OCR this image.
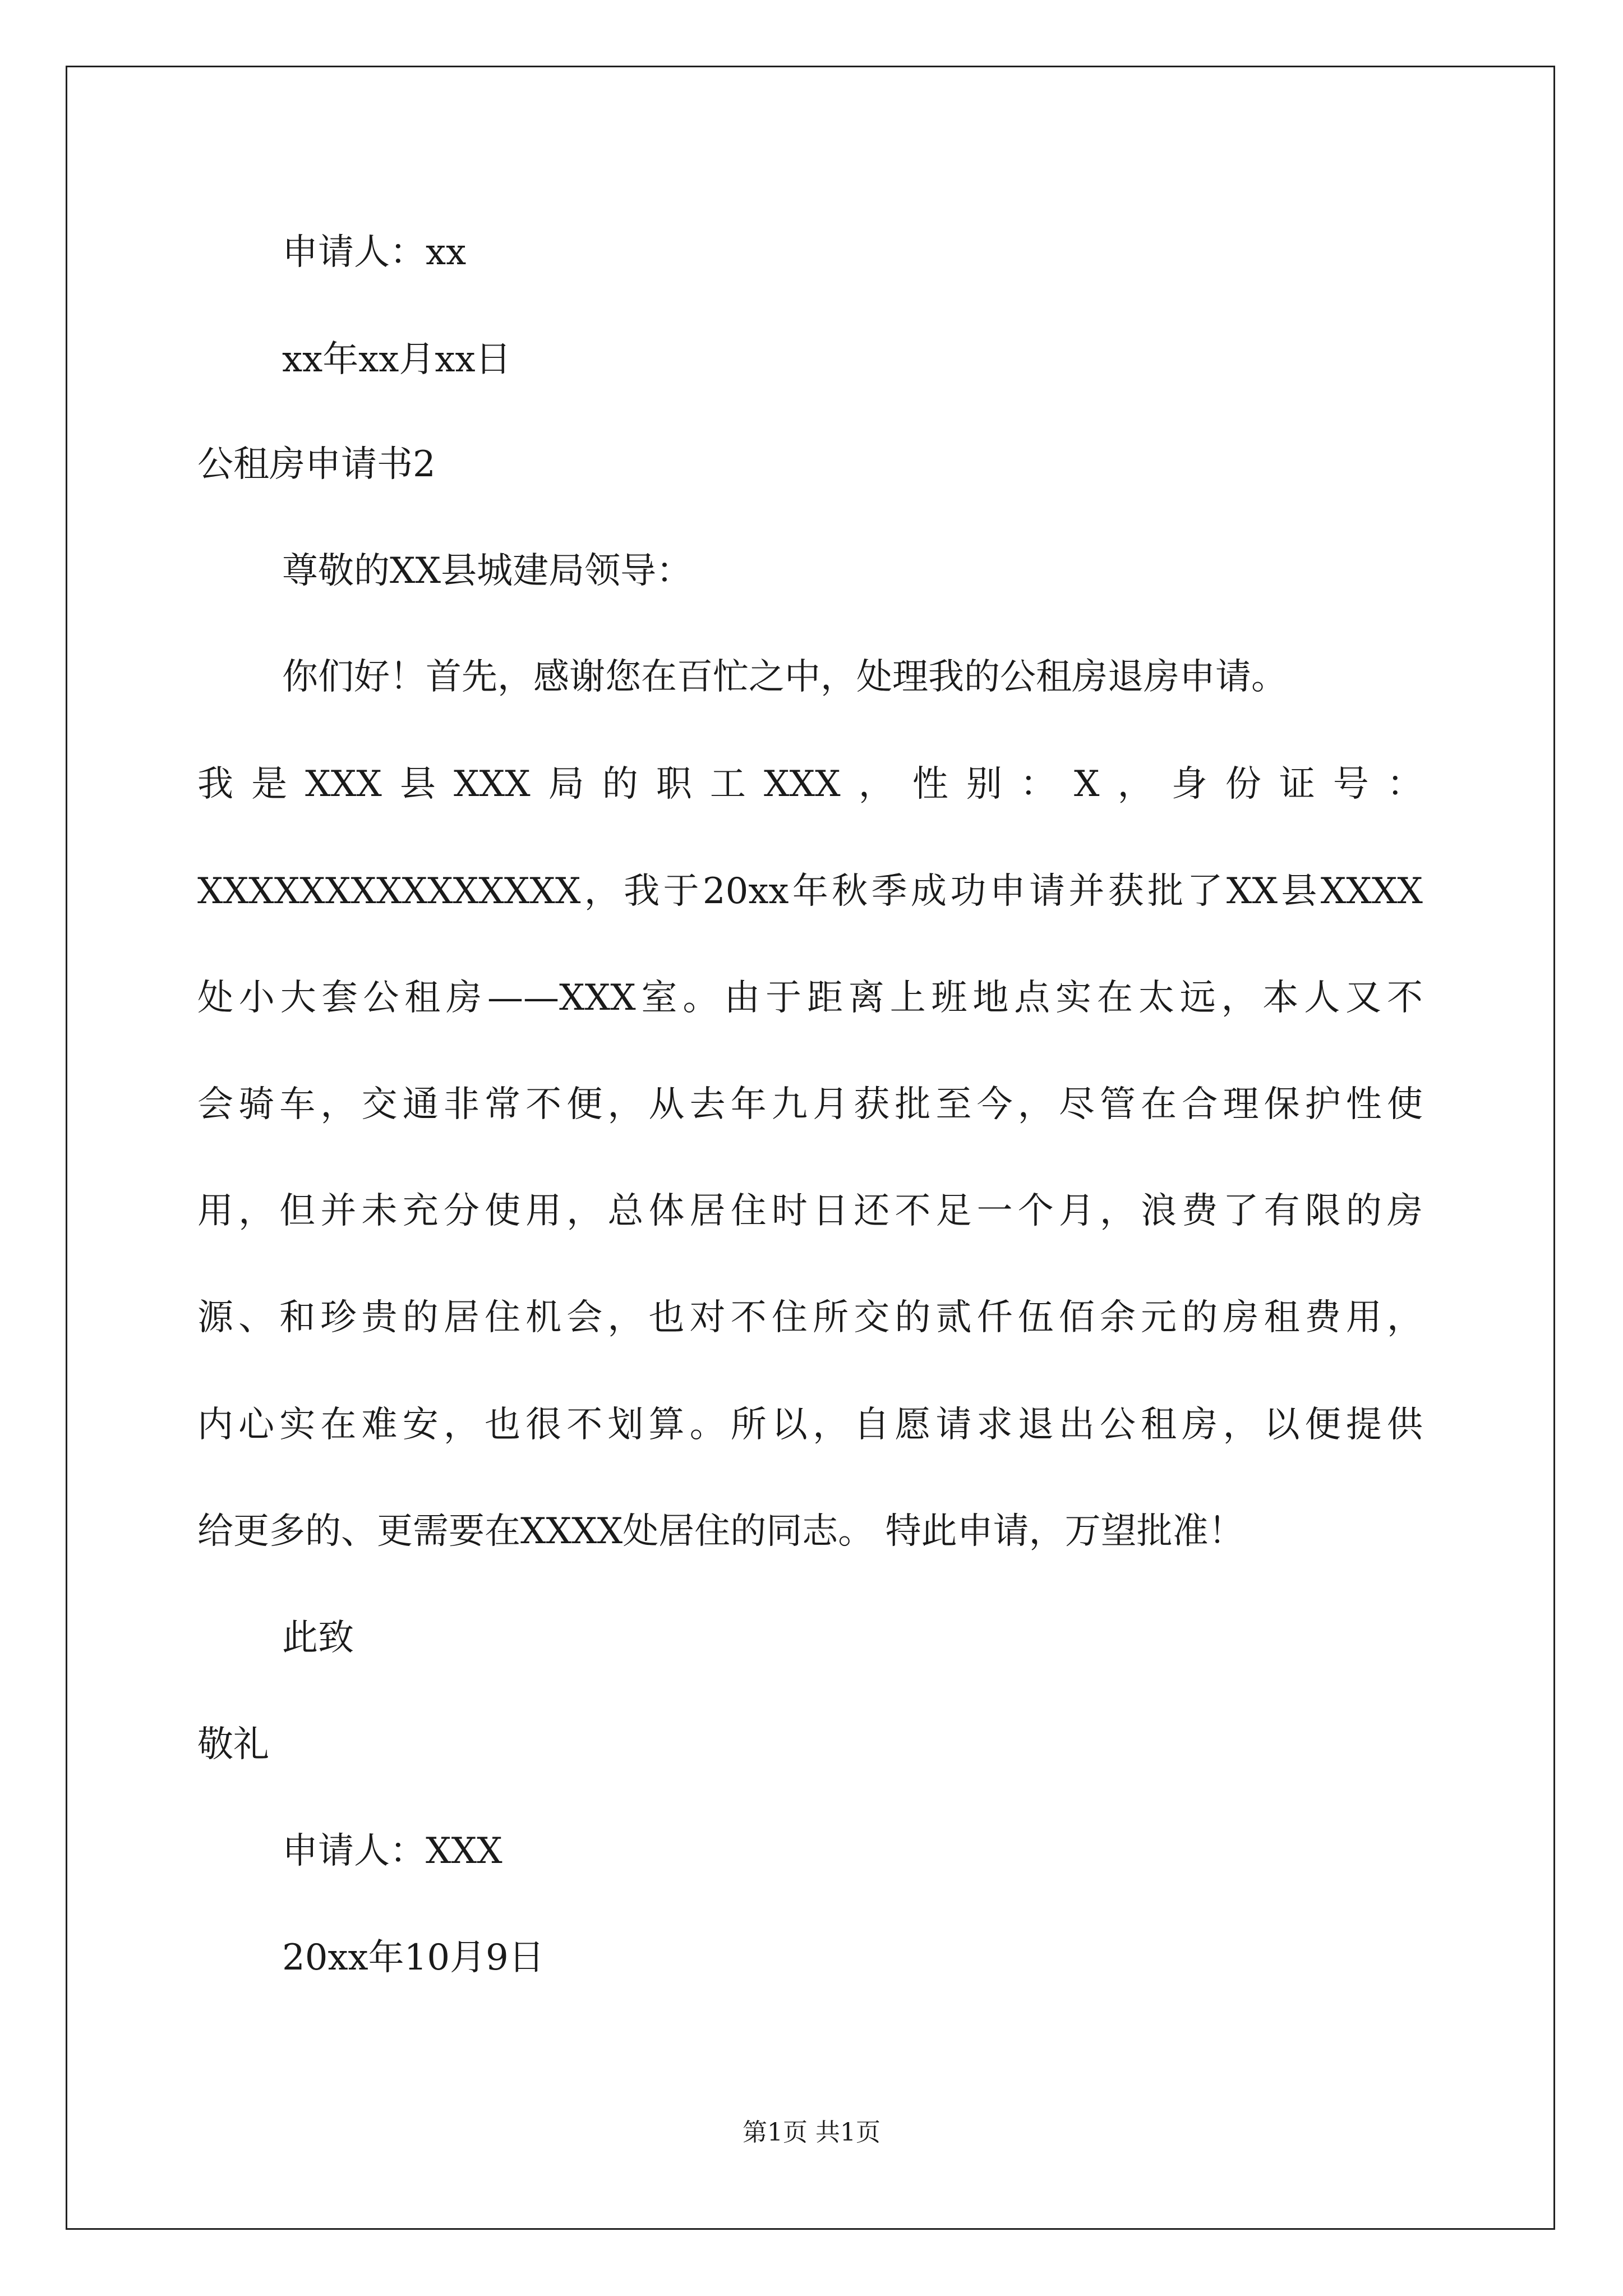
申请人：xx
xx年xx月xx日
公租房申请书2
尊敬的XX县城建局领导：
你们好！首先，感谢您在百忙之中，处理我的公租房退房申请。
我是XXX县XXX局的职工XXX，性别：X，身份证号：
XXXXXXXXXXXXXXX，我于20xx年秋季成功申请并获批了XX县XXXX
处小大套公租房——XXX室。由于距离上班地点实在太远，本人又不
会骑车，交通非常不便，从去年九月获批至今，尽管在合理保护性使
用，但并未充分使用，总体居住时日还不足一个月，浪费了有限的房
源、和珍贵的居住机会，也对不住所交的贰仟伍佰余元的房租费用，
内心实在难安，也很不划算。所以，自愿请求退出公租房，以便提供
给更多的、更需要在XXXX处居住的同志。 特此申请，万望批准！
此致
敬礼
申请人：XXX
20xx年10月9日
第1页 共1页
